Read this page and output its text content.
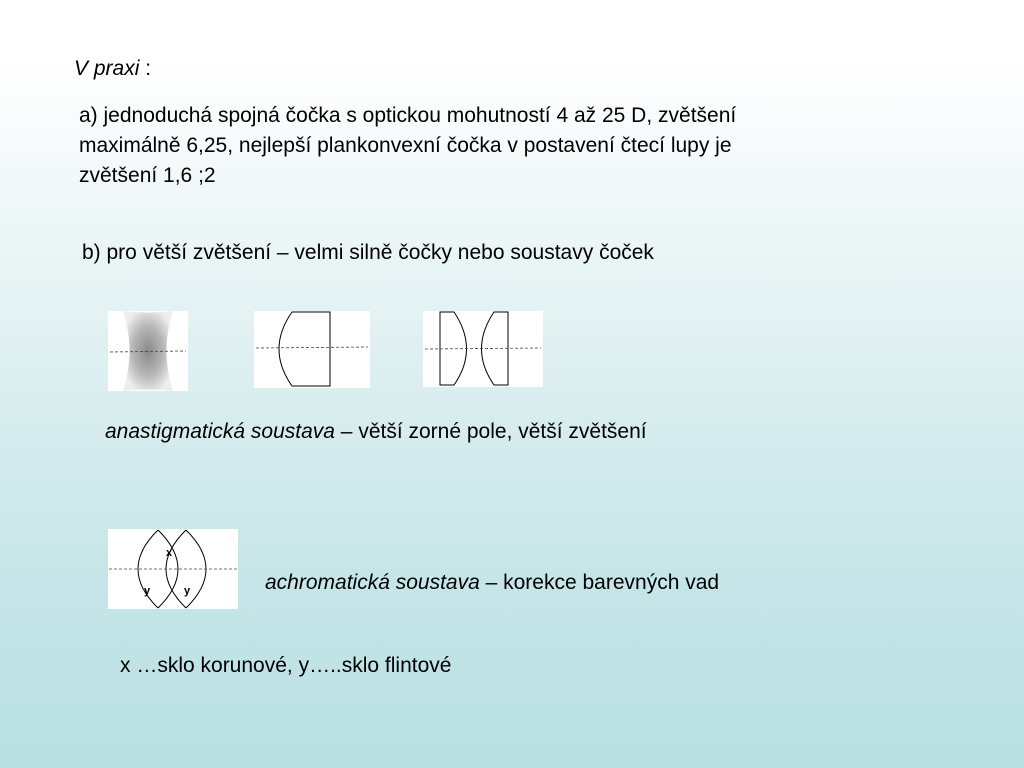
V praxi :
a) jednoduchá spojná čočka s optickou mohutností 4 až 25 D, zvětšení
maximálně 6,25, nejlepší plankonvexní čočka v postavení čtecí lupy je
zvětšení 1,6 ;2
b) pro větší zvětšení – velmi silně čočky nebo soustavy čoček
anastigmatická soustava – větší zorné pole, větší zvětšení
x
y	y	achromatická soustava – korekce barevných vad
x …sklo korunové, y…..sklo flintové
